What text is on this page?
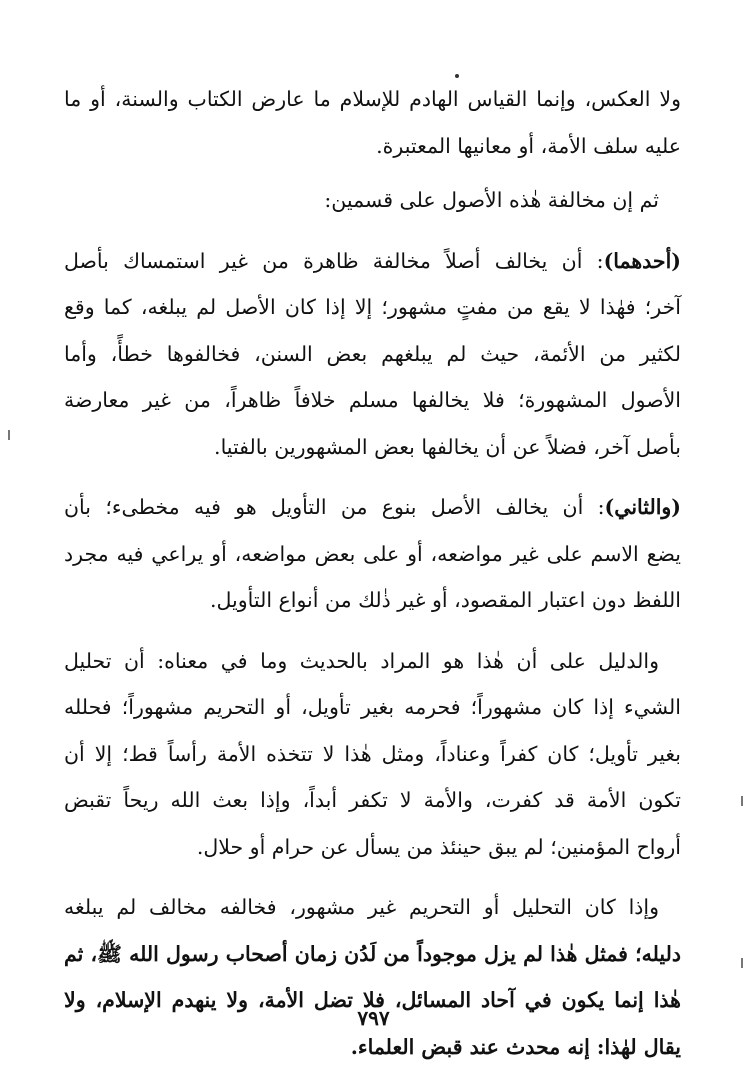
ولا العكس، وإنما القياس الهادم للإسلام ما عارض الكتاب والسنة، أو ما
عليه سلف الأمة، أو معانيها المعتبرة.
ثم إن مخالفة هٰذه الأصول على قسمين:
(أحدهما): أن يخالف أصلاً مخالفة ظاهرة من غير استمساك بأصل
آخر؛ فهٰذا لا يقع من مفتٍ مشهور؛ إلا إذا كان الأصل لم يبلغه، كما وقع
لكثير من الأئمة، حيث لم يبلغهم بعض السنن، فخالفوها خطأً، وأما
الأصول المشهورة؛ فلا يخالفها مسلم خلافاً ظاهراً، من غير معارضة
بأصل آخر، فضلاً عن أن يخالفها بعض المشهورين بالفتيا.
(والثاني): أن يخالف الأصل بنوع من التأويل هو فيه مخطىء؛ بأن
يضع الاسم على غير مواضعه، أو على بعض مواضعه، أو يراعي فيه مجرد
اللفظ دون اعتبار المقصود، أو غير ذٰلك من أنواع التأويل.
والدليل على أن هٰذا هو المراد بالحديث وما في معناه: أن تحليل
الشيء إذا كان مشهوراً؛ فحرمه بغير تأويل، أو التحريم مشهوراً؛ فحلله
بغير تأويل؛ كان كفراً وعناداً، ومثل هٰذا لا تتخذه الأمة رأساً قط؛ إلا أن
تكون الأمة قد كفرت، والأمة لا تكفر أبداً، وإذا بعث الله ريحاً تقبض
أرواح المؤمنين؛ لم يبق حينئذ من يسأل عن حرام أو حلال.
وإذا كان التحليل أو التحريم غير مشهور، فخالفه مخالف لم يبلغه
دليله؛ فمثل هٰذا لم يزل موجوداً من لَدُن زمان أصحاب رسول الله ﷺ، ثم
هٰذا إنما يكون في آحاد المسائل، فلا تضل الأمة، ولا ينهدم الإسلام، ولا
يقال لهٰذا: إنه محدث عند قبض العلماء.
٧٩٧
